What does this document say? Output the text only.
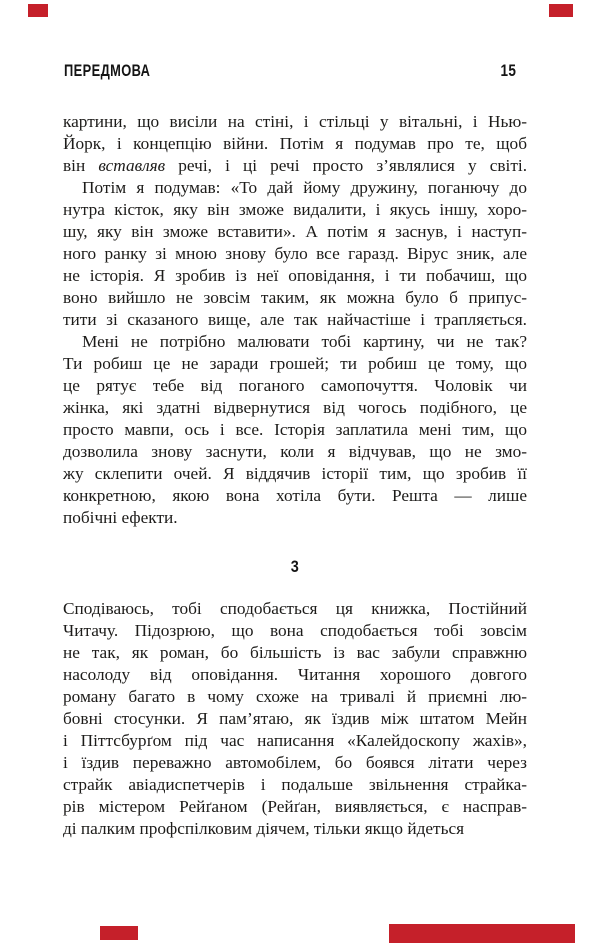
ПЕРЕДМОВА	15
картини, що висіли на стіні, і стільці у вітальні, і Нью-
Йорк, і концепцію війни. Потім я подумав про те, щоб
він вставляв речі, і ці речі просто з’являлися у світі.
Потім я подумав: «То дай йому дружину, поганючу до
нутра кісток, яку він зможе видалити, і якусь іншу, хоро-
шу, яку він зможе вставити». А потім я заснув, і наступ-
ного ранку зі мною знову було все гаразд. Вірус зник, але
не історія. Я зробив із неї оповідання, і ти побачиш, що
воно вийшло не зовсім таким, як можна було б припус-
тити зі сказаного вище, але так найчастіше і трапляється.
Мені не потрібно малювати тобі картину, чи не так?
Ти робиш це не заради грошей; ти робиш це тому, що
це рятує тебе від поганого самопочуття. Чоловік чи
жінка, які здатні відвернутися від чогось подібного, це
просто мавпи, ось і все. Історія заплатила мені тим, що
дозволила знову заснути, коли я відчував, що не змо-
жу склепити очей. Я віддячив історії тим, що зробив її
конкретною, якою вона хотіла бути. Решта — лише
побічні ефекти.
3
Сподіваюсь, тобі сподобається ця книжка, Постійний
Читачу. Підозрюю, що вона сподобається тобі зовсім
не так, як роман, бо більшість із вас забули справжню
насолоду від оповідання. Читання хорошого довгого
роману багато в чому схоже на тривалі й приємні лю-
бовні стосунки. Я пам’ятаю, як їздив між штатом Мейн
і Піттсбурґом під час написання «Калейдоскопу жахів»,
і їздив переважно автомобілем, бо боявся літати через
страйк авіадиспетчерів і подальше звільнення страйка-
рів містером Рейґаном (Рейґан, виявляється, є насправ-
ді палким профспілковим діячем, тільки якщо йдеться
